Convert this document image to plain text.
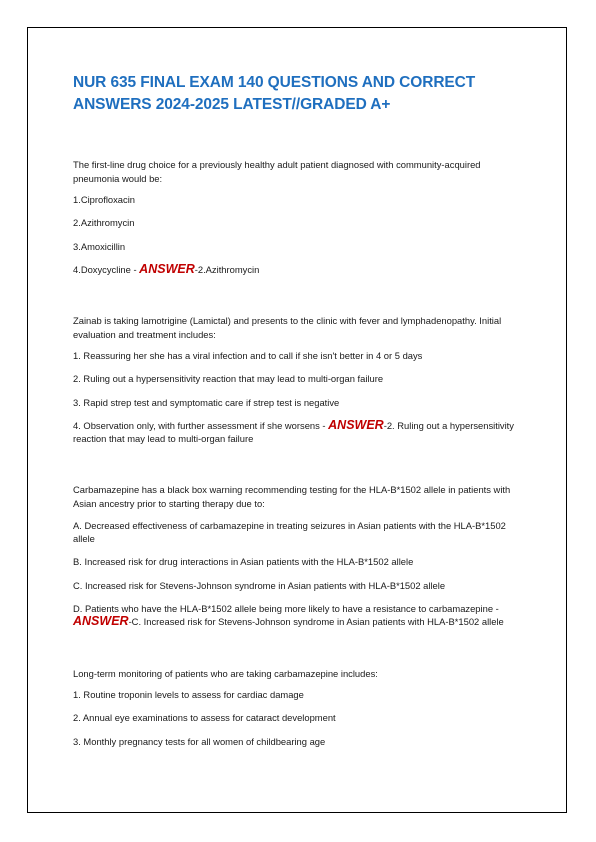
NUR 635 FINAL EXAM 140 QUESTIONS AND CORRECT ANSWERS 2024-2025 LATEST//GRADED A+

The first-line drug choice for a previously healthy adult patient diagnosed with community-acquired pneumonia would be:

1.Ciprofloxacin

2.Azithromycin

3.Amoxicillin

4.Doxycycline - ANSWER-2.Azithromycin

Zainab is taking lamotrigine (Lamictal) and presents to the clinic with fever and lymphadenopathy. Initial evaluation and treatment includes:

1. Reassuring her she has a viral infection and to call if she isn't better in 4 or 5 days

2. Ruling out a hypersensitivity reaction that may lead to multi-organ failure

3. Rapid strep test and symptomatic care if strep test is negative

4. Observation only, with further assessment if she worsens - ANSWER-2. Ruling out a hypersensitivity reaction that may lead to multi-organ failure

Carbamazepine has a black box warning recommending testing for the HLA-B*1502 allele in patients with Asian ancestry prior to starting therapy due to:

A. Decreased effectiveness of carbamazepine in treating seizures in Asian patients with the HLA-B*1502 allele

B. Increased risk for drug interactions in Asian patients with the HLA-B*1502 allele

C. Increased risk for Stevens-Johnson syndrome in Asian patients with HLA-B*1502 allele

D. Patients who have the HLA-B*1502 allele being more likely to have a resistance to carbamazepine - ANSWER-C. Increased risk for Stevens-Johnson syndrome in Asian patients with HLA-B*1502 allele

Long-term monitoring of patients who are taking carbamazepine includes:

1. Routine troponin levels to assess for cardiac damage

2. Annual eye examinations to assess for cataract development

3. Monthly pregnancy tests for all women of childbearing age
